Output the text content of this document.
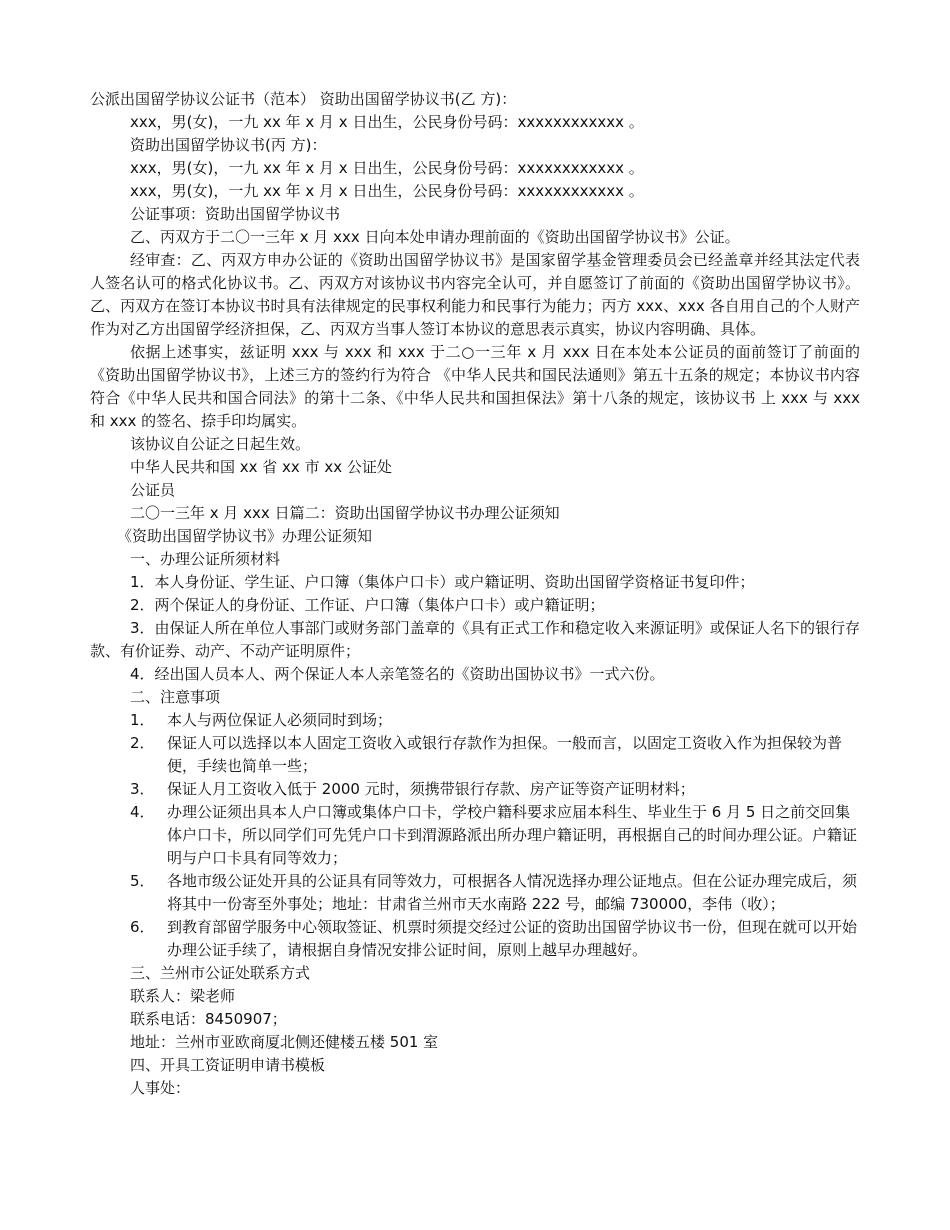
公派出国留学协议公证书（范本） 资助出国留学协议书(乙 方)：
xxx，男(女)，一九 xx 年 x 月 x 日出生，公民身份号码：xxxxxxxxxxxx 。
资助出国留学协议书(丙 方)：
xxx，男(女)，一九 xx 年 x 月 x 日出生，公民身份号码：xxxxxxxxxxxx 。
xxx，男(女)，一九 xx 年 x 月 x 日出生，公民身份号码：xxxxxxxxxxxx 。
公证事项：资助出国留学协议书
乙、丙双方于二〇一三年 x 月 xxx 日向本处申请办理前面的《资助出国留学协议书》公证。

经审查：乙、丙双方申办公证的《资助出国留学协议书》是国家留学基金管理委员会已经盖章并经其法定代表人签名认可的格式化协议书。乙、丙双方对该协议书内容完全认可，并自愿签订了前面的《资助出国留学协议书》。乙、丙双方在签订本协议书时具有法律规定的民事权利能力和民事行为能力；丙方 xxx、xxx 各自用自己的个人财产作为对乙方出国留学经济担保，乙、丙双方当事人签订本协议的意思表示真实，协议内容明确、具体。

依据上述事实，兹证明 xxx 与 xxx 和 xxx 于二○一三年 x 月 xxx 日在本处本公证员的面前签订了前面的《资助出国留学协议书》，上述三方的签约行为符合 《中华人民共和国民法通则》第五十五条的规定；本协议书内容符合《中华人民共和国合同法》的第十二条、《中华人民共和国担保法》第十八条的规定，该协议书 上 xxx 与 xxx 和 xxx 的签名、捺手印均属实。

该协议自公证之日起生效。
中华人民共和国 xx 省 xx 市 xx 公证处
公证员
二〇一三年 x 月 xxx 日篇二：资助出国留学协议书办理公证须知
《资助出国留学协议书》办理公证须知
一、办理公证所须材料

1．本人身份证、学生证、户口簿（集体户口卡）或户籍证明、资助出国留学资格证书复印件；

2．两个保证人的身份证、工作证、户口簿（集体户口卡）或户籍证明；

3．由保证人所在单位人事部门或财务部门盖章的《具有正式工作和稳定收入来源证明》或保证人名下的银行存款、有价证券、动产、不动产证明原件；

4．经出国人员本人、两个保证人本人亲笔签名的《资助出国协议书》一式六份。

二、注意事项
1． 本人与两位保证人必须同时到场；
2． 保证人可以选择以本人固定工资收入或银行存款作为担保。一般而言，以固定工资收入作为担保较为普便，手续也简单一些；
3． 保证人月工资收入低于 2000 元时，须携带银行存款、房产证等资产证明材料；
4． 办理公证须出具本人户口簿或集体户口卡，学校户籍科要求应届本科生、毕业生于 6 月 5 日之前交回集体户口卡，所以同学们可先凭户口卡到渭源路派出所办理户籍证明，再根据自己的时间办理公证。户籍证明与户口卡具有同等效力；
5． 各地市级公证处开具的公证具有同等效力，可根据各人情况选择办理公证地点。但在公证办理完成后，须将其中一份寄至外事处；地址：甘肃省兰州市天水南路 222 号，邮编 730000，李伟（收）；
6． 到教育部留学服务中心领取签证、机票时须提交经过公证的资助出国留学协议书一份，但现在就可以开始办理公证手续了，请根据自身情况安排公证时间，原则上越早办理越好。
三、兰州市公证处联系方式
联系人：梁老师
联系电话：8450907；
地址：兰州市亚欧商厦北侧还健楼五楼 501 室
四、开具工资证明申请书模板
人事处：
